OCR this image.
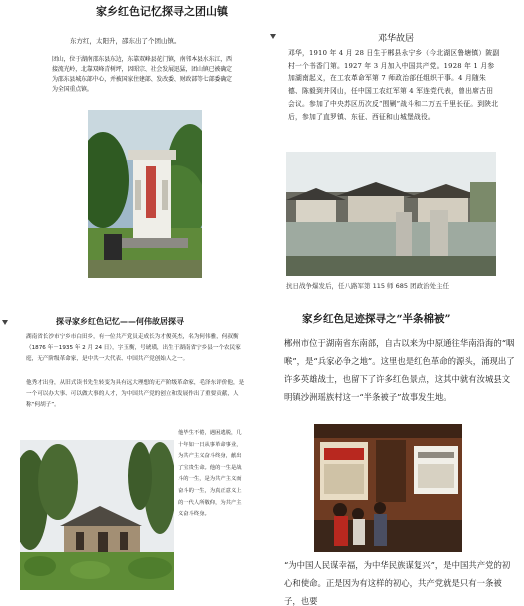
家乡红色记忆探寻之团山镇
东方红，太阳升，邵东出了个团山镇。
团山，位于湖南邵东县东边，东靠双峰县花门镇，南邻本县水东江，西接流光岭，北靠双峰青树坪，因昭宗、社会发展迅猛，团山镇已被确定为邵东县城东部中心，并被国家住建部、发改委、财政部等七部委确定为全国重点镇。
邓华故居
邓华，1910 年 4 月 28 日生于郴县永宁乡（今北湖区鲁塘镇）陂副村一个书香门第。1927 年 3 月加入中国共产党。1928 年 1 月参加湖南起义，在工农革命军第 7 师政治部任组织干事。4 月随朱德、陈毅到井冈山，任中国工农红军第 4 军连党代表，曾出席古田会议。参加了中央苏区历次反“围剿”战斗和二万五千里长征。到陕北后，参加了直罗镇、东征、西征和山城堡战役。
抗日战争爆发后，任八路军第 115 师 685 团政治处主任
探寻家乡红色记忆——何伟故居探寻
湖南省长沙市宁乡市白田乡，有一位共产党员走成长为才俊英杰，名为何伟雅，何叔衡（1876 年－1935 年 2 月 24 日），字玉衡，号琥璜，出生于湖南省宁乡县一个农民家庭，无产阶级革命家，是中共一大代表、中国共产党创始人之一。
他秀才出身，从旧式读书先生转变为具有远大理想的无产阶级革命家，毛泽东评价他，是一个可以办大事、可以做大事的人才，为中国共产党的创立和发展作出了重要贡献，人称“何胡子”。
他毕生不倦，遇困逃脱，几十年如一日从事革命事业，为共产主义奋斗终身，献出了宝贵生命。他的一生是战斗的一生，是为共产主义而奋斗的一生，为真正意义上的一代人所敬仰，为共产主义奋斗终身。
家乡红色足迹探寻之“半条棉被”
郴州市位于湖南省东南部，自古以来为中原通往华南沿海的“咽喉”，是“兵家必争之地”。这里也是红色革命的源头，涌现出了许多英雄战士，也留下了许多红色景点，这其中就有汝城县文明镇沙洲瑶族村这一“半条被子”故事发生地。
“为中国人民谋幸福，为中华民族谋复兴”，是中国共产党的初心和使命。正是因为有这样的初心，共产党就是只有一条被子，也要
